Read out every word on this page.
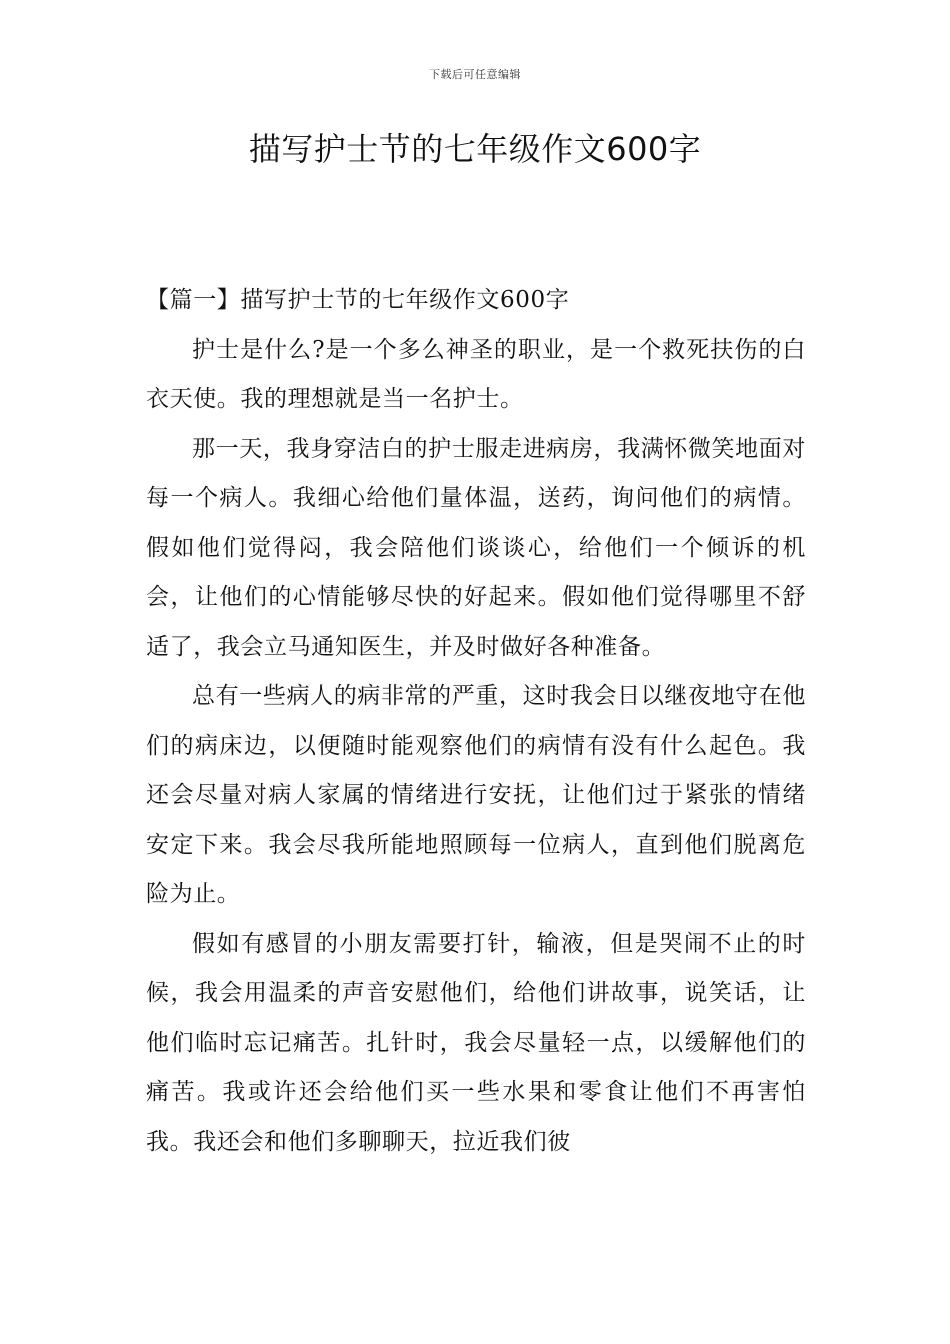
下载后可任意编辑
描写护士节的七年级作文600字
【篇一】描写护士节的七年级作文600字

护士是什么?是一个多么神圣的职业，是一个救死扶伤的白衣天使。我的理想就是当一名护士。

那一天，我身穿洁白的护士服走进病房，我满怀微笑地面对每一个病人。我细心给他们量体温，送药，询问他们的病情。假如他们觉得闷，我会陪他们谈谈心，给他们一个倾诉的机会，让他们的心情能够尽快的好起来。假如他们觉得哪里不舒适了，我会立马通知医生，并及时做好各种准备。

总有一些病人的病非常的严重，这时我会日以继夜地守在他们的病床边，以便随时能观察他们的病情有没有什么起色。我还会尽量对病人家属的情绪进行安抚，让他们过于紧张的情绪安定下来。我会尽我所能地照顾每一位病人，直到他们脱离危险为止。

假如有感冒的小朋友需要打针，输液，但是哭闹不止的时候，我会用温柔的声音安慰他们，给他们讲故事，说笑话，让他们临时忘记痛苦。扎针时，我会尽量轻一点，以缓解他们的痛苦。我或许还会给他们买一些水果和零食让他们不再害怕我。我还会和他们多聊聊天，拉近我们彼
